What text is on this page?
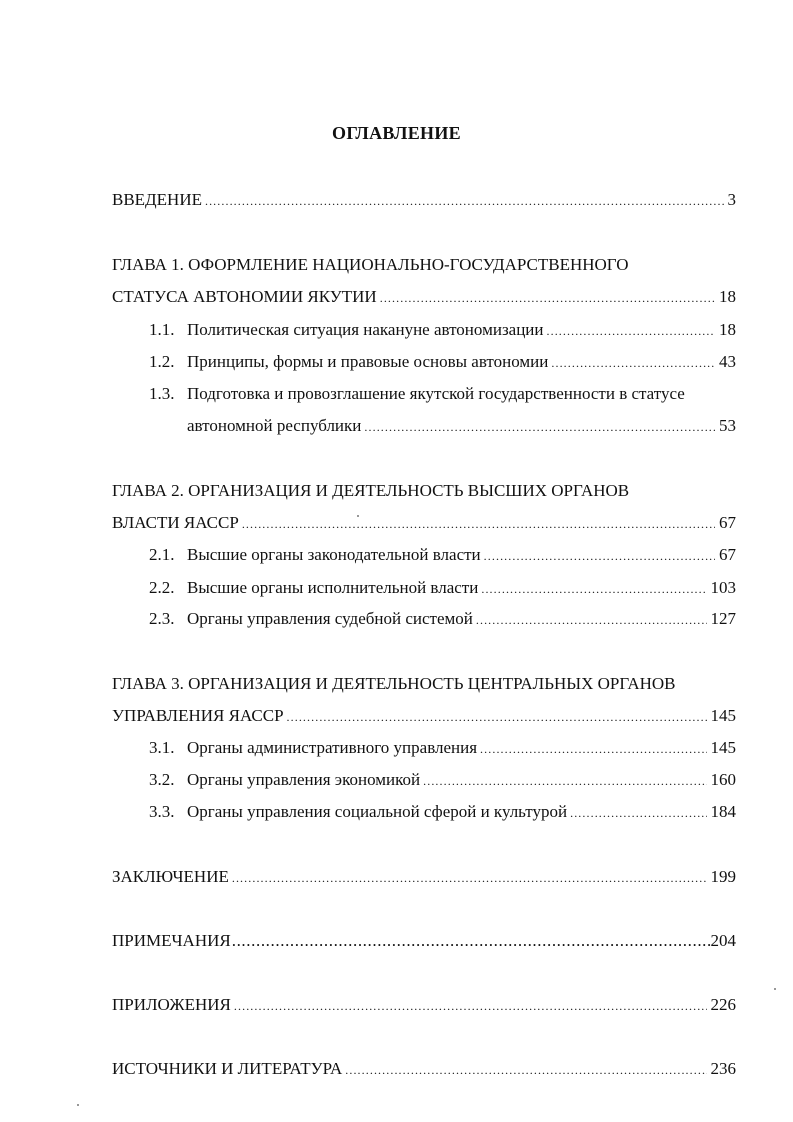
ОГЛАВЛЕНИЕ
ВВЕДЕНИЕ .....	3
ГЛАВА 1. ОФОРМЛЕНИЕ НАЦИОНАЛЬНО-ГОСУДАРСТВЕННОГО
СТАТУСА АВТОНОМИИ ЯКУТИИ .....	18
1.1. Политическая ситуация накануне автономизации .....	18
1.2. Принципы, формы и правовые основы автономии .....	43
1.3. Подготовка и провозглашение якутской государственности в статусе
автономной республики .....	53
ГЛАВА 2. ОРГАНИЗАЦИЯ И ДЕЯТЕЛЬНОСТЬ ВЫСШИХ ОРГАНОВ
ВЛАСТИ ЯАССР .....	67
2.1. Высшие органы законодательной власти .....	67
2.2. Высшие органы исполнительной власти .....	103
2.3. Органы управления судебной системой .....	127
ГЛАВА 3. ОРГАНИЗАЦИЯ И ДЕЯТЕЛЬНОСТЬ ЦЕНТРАЛЬНЫХ ОРГАНОВ
УПРАВЛЕНИЯ ЯАССР .....	145
3.1. Органы административного управления .....	145
3.2. Органы управления экономикой .....	160
3.3. Органы управления социальной сферой и культурой .....	184
ЗАКЛЮЧЕНИЕ .....	199
ПРИМЕЧАНИЯ .....	204
ПРИЛОЖЕНИЯ .....	226
ИСТОЧНИКИ И ЛИТЕРАТУРА .....	236
